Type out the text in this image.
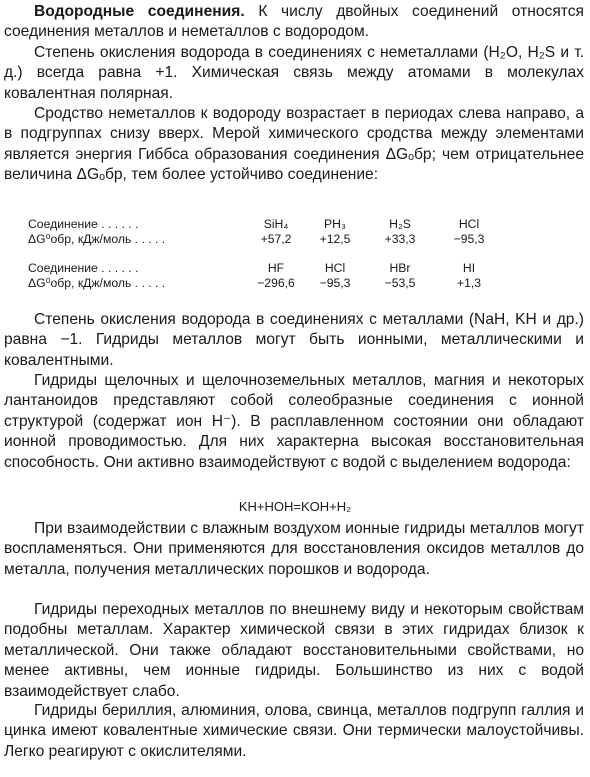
Водородные соединения. К числу двойных соединений относятся соединения металлов и неметаллов с водородом.

Степень окисления водорода в соединениях с неметаллами (H₂O, H₂S и т. д.) всегда равна +1. Химическая связь между атомами в молекулах ковалентная полярная.

Сродство неметаллов к водороду возрастает в периодах слева направо, а в подгруппах снизу вверх. Мерой химического сродства между элементами является энергия Гиббса образования соединения ΔGₒбр; чем отрицательнее величина ΔGₒбр, тем более устойчиво соединение:

Соединение . . . . . .	SiH₄	PH₃	H₂S	HCl
ΔG⁰обр, кДж/моль . . . . .	+57,2	+12,5	+33,3	−95,3
Соединение . . . . . .	HF	HCl	HBr	HI
ΔG⁰обр, кДж/моль . . . . .	−296,6	−95,3	−53,5	+1,3

Степень окисления водорода в соединениях с металлами (NaH, KH и др.) равна −1. Гидриды металлов могут быть ионными, металлическими и ковалентными.

Гидриды щелочных и щелочноземельных металлов, магния и некоторых лантаноидов представляют собой солеобразные соединения с ионной структурой (содержат ион H⁻). В расплавленном состоянии они обладают ионной проводимостью. Для них характерна высокая восстановительная способность. Они активно взаимодействуют с водой с выделением водорода:

KH+HOH=KOH+H₂

При взаимодействии с влажным воздухом ионные гидриды металлов могут воспламеняться. Они применяются для восстановления оксидов металлов до металла, получения металлических порошков и водорода.

Гидриды переходных металлов по внешнему виду и некоторым свойствам подобны металлам. Характер химической связи в этих гидридах близок к металлической. Они также обладают восстановительными свойствами, но менее активны, чем ионные гидриды. Большинство из них с водой взаимодействует слабо.

Гидриды бериллия, алюминия, олова, свинца, металлов подгрупп галлия и цинка имеют ковалентные химические связи. Они термически малоустойчивы. Легко реагируют с окислителями.
